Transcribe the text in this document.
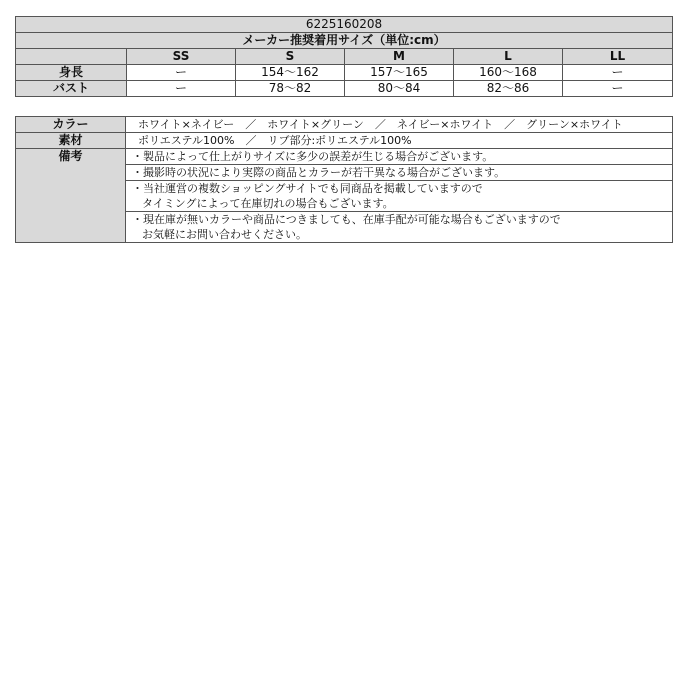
6225160208					
メーカー推奨着用サイズ（単位:cm）					
	SS	S	M	L	LL
身長	ー	154〜162	157〜165	160〜168	ー
バスト	ー	78〜82	80〜84	82〜86	ー
カラー	ホワイト×ネイビー　／　ホワイト×グリーン　／　ネイビー×ホワイト　／　グリーン×ホワイト
素材	ポリエステル100%　／　リブ部分:ポリエステル100%
備考	・製品によって仕上がりサイズに多少の誤差が生じる場合がございます。
	・撮影時の状況により実際の商品とカラーが若干異なる場合がございます。

	・当社運営の複数ショッピングサイトでも同商品を掲載していますので
タイミングによって在庫切れの場合もございます。

	・現在庫が無いカラーや商品につきましても、在庫手配が可能な場合もございますので
お気軽にお問い合わせください。
